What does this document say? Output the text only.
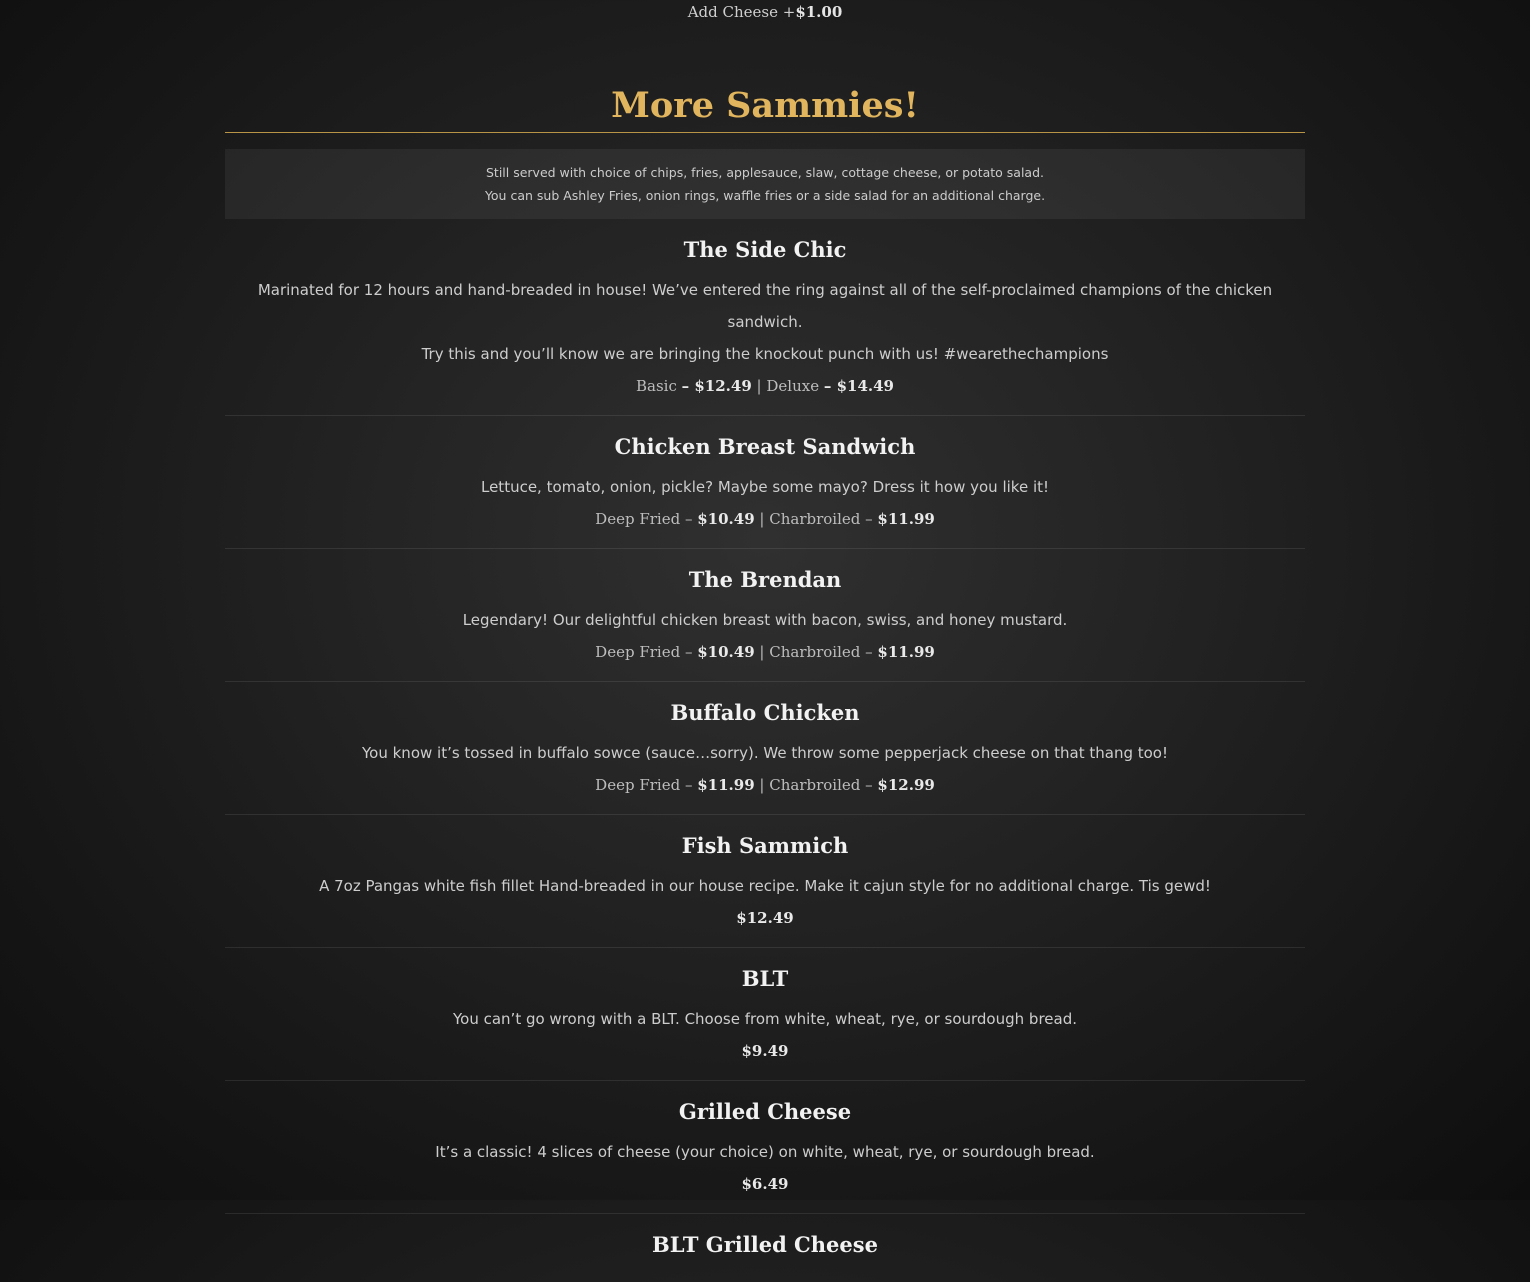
Add Cheese +$1.00
More Sammies!
Still served with choice of chips, fries, applesauce, slaw, cottage cheese, or potato salad.
You can sub Ashley Fries, onion rings, waffle fries or a side salad for an additional charge.
The Side Chic

Marinated for 12 hours and hand-breaded in house! We’ve entered the ring against all of the self-proclaimed champions of the chicken sandwich.

Try this and you’ll know we are bringing the knockout punch with us! #wearethechampions

Basic – $12.49 | Deluxe – $14.49
Chicken Breast Sandwich

Lettuce, tomato, onion, pickle? Maybe some mayo? Dress it how you like it!

Deep Fried – $10.49 | Charbroiled – $11.99
The Brendan

Legendary! Our delightful chicken breast with bacon, swiss, and honey mustard.

Deep Fried – $10.49 | Charbroiled – $11.99
Buffalo Chicken

You know it’s tossed in buffalo sowce (sauce…sorry). We throw some pepperjack cheese on that thang too!

Deep Fried – $11.99 | Charbroiled – $12.99
Fish Sammich

A 7oz Pangas white fish fillet Hand-breaded in our house recipe. Make it cajun style for no additional charge. Tis gewd!

$12.49
BLT

You can’t go wrong with a BLT. Choose from white, wheat, rye, or sourdough bread.

$9.49
Grilled Cheese

It’s a classic! 4 slices of cheese (your choice) on white, wheat, rye, or sourdough bread.

$6.49
BLT Grilled Cheese
